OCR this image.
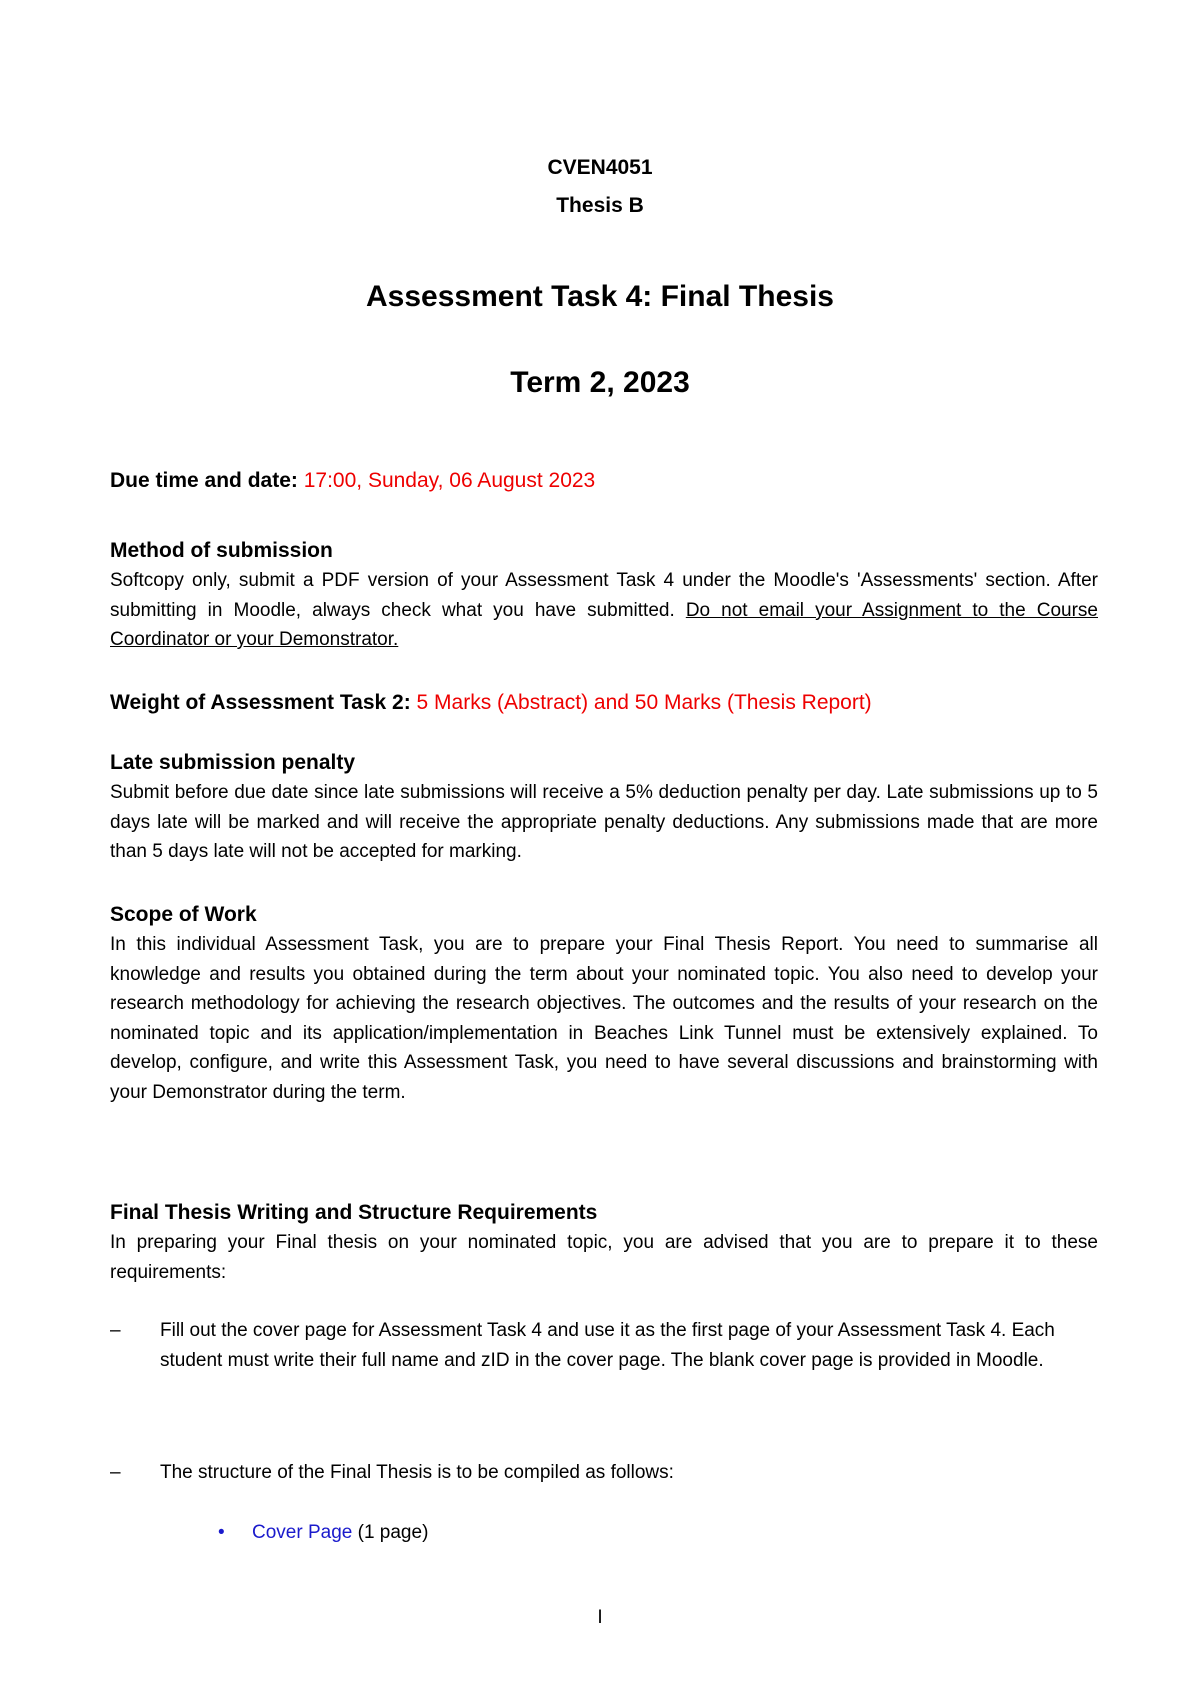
CVEN4051

Thesis B

Assessment Task 4: Final Thesis

Term 2, 2023

Due time and date: 17:00, Sunday, 06 August 2023

Method of submission

Softcopy only, submit a PDF version of your Assessment Task 4 under the Moodle's 'Assessments' section. After submitting in Moodle, always check what you have submitted. Do not email your Assignment to the Course Coordinator or your Demonstrator.

Weight of Assessment Task 2: 5 Marks (Abstract) and 50 Marks (Thesis Report)

Late submission penalty

Submit before due date since late submissions will receive a 5% deduction penalty per day. Late submissions up to 5 days late will be marked and will receive the appropriate penalty deductions. Any submissions made that are more than 5 days late will not be accepted for marking.

Scope of Work

In this individual Assessment Task, you are to prepare your Final Thesis Report. You need to summarise all knowledge and results you obtained during the term about your nominated topic. You also need to develop your research methodology for achieving the research objectives. The outcomes and the results of your research on the nominated topic and its application/implementation in Beaches Link Tunnel must be extensively explained. To develop, configure, and write this Assessment Task, you need to have several discussions and brainstorming with your Demonstrator during the term.

Final Thesis Writing and Structure Requirements

In preparing your Final thesis on your nominated topic, you are advised that you are to prepare it to these requirements:

– Fill out the cover page for Assessment Task 4 and use it as the first page of your Assessment Task 4. Each student must write their full name and zID in the cover page. The blank cover page is provided in Moodle.
– The structure of the Final Thesis is to be compiled as follows:

• Cover Page (1 page)

I
